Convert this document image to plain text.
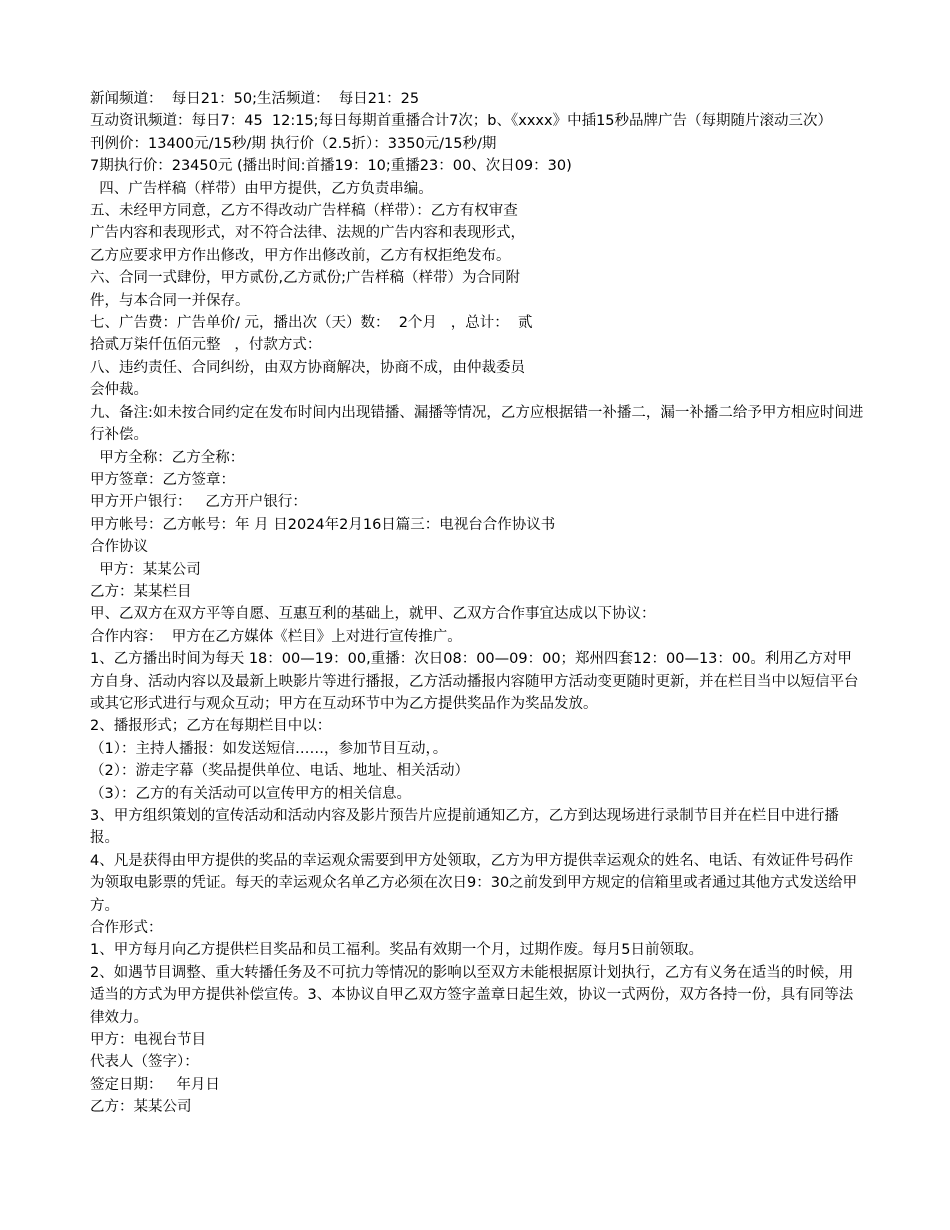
新闻频道：  每日21：50;生活频道：  每日21：25
互动资讯频道：每日7：45  12:15;每日每期首重播合计7次；b、《xxxx》中插15秒品牌广告（每期随片滚动三次）
刊例价：13400元/15秒/期 执行价（2.5折）：3350元/15秒/期
7期执行价：23450元 (播出时间:首播19：10;重播23：00、次日09：30)
四、广告样稿（样带）由甲方提供，乙方负责串编。
五、未经甲方同意，乙方不得改动广告样稿（样带）：乙方有权审查
广告内容和表现形式，对不符合法律、法规的广告内容和表现形式，
乙方应要求甲方作出修改，甲方作出修改前，乙方有权拒绝发布。
六、合同一式肆份，甲方贰份,乙方贰份;广告样稿（样带）为合同附
件，与本合同一并保存。
七、广告费：广告单价/ 元，播出次（天）数：  2个月   ，总计：  贰
拾贰万柒仟伍佰元整   ，付款方式：
八、违约责任、合同纠纷，由双方协商解决，协商不成，由仲裁委员
会仲裁。
九、备注:如未按合同约定在发布时间内出现错播、漏播等情况，乙方应根据错一补播二，漏一补播二给予甲方相应时间进行补偿。
甲方全称：乙方全称：
甲方签章：乙方签章：
甲方开户银行：   乙方开户银行：
甲方帐号：乙方帐号：年 月 日2024年2月16日篇三：电视台合作协议书
合作协议
甲方：某某公司
乙方：某某栏目
甲、乙双方在双方平等自愿、互惠互利的基础上，就甲、乙双方合作事宜达成以下协议：
合作内容：  甲方在乙方媒体《栏目》上对进行宣传推广。
1、乙方播出时间为每天 18：00—19：00,重播：次日08：00—09：00；郑州四套12：00—13：00。利用乙方对甲方自身、活动内容以及最新上映影片等进行播报，乙方活动播报内容随甲方活动变更随时更新，并在栏目当中以短信平台或其它形式进行与观众互动；甲方在互动环节中为乙方提供奖品作为奖品发放。
2、播报形式；乙方在每期栏目中以：
（1）：主持人播报：如发送短信……，参加节目互动，。
（2）：游走字幕（奖品提供单位、电话、地址、相关活动）
（3）：乙方的有关活动可以宣传甲方的相关信息。
3、甲方组织策划的宣传活动和活动内容及影片预告片应提前通知乙方，乙方到达现场进行录制节目并在栏目中进行播报。
4、凡是获得由甲方提供的奖品的幸运观众需要到甲方处领取，乙方为甲方提供幸运观众的姓名、电话、有效证件号码作为领取电影票的凭证。每天的幸运观众名单乙方必须在次日9：30之前发到甲方规定的信箱里或者通过其他方式发送给甲方。
合作形式：
1、甲方每月向乙方提供栏目奖品和员工福利。奖品有效期一个月，过期作废。每月5日前领取。
2、如遇节目调整、重大转播任务及不可抗力等情况的影响以至双方未能根据原计划执行，乙方有义务在适当的时候，用适当的方式为甲方提供补偿宣传。3、本协议自甲乙双方签字盖章日起生效，协议一式两份，双方各持一份，具有同等法律效力。
甲方：电视台节目
代表人（签字）：
签定日期：   年月日
乙方：某某公司
